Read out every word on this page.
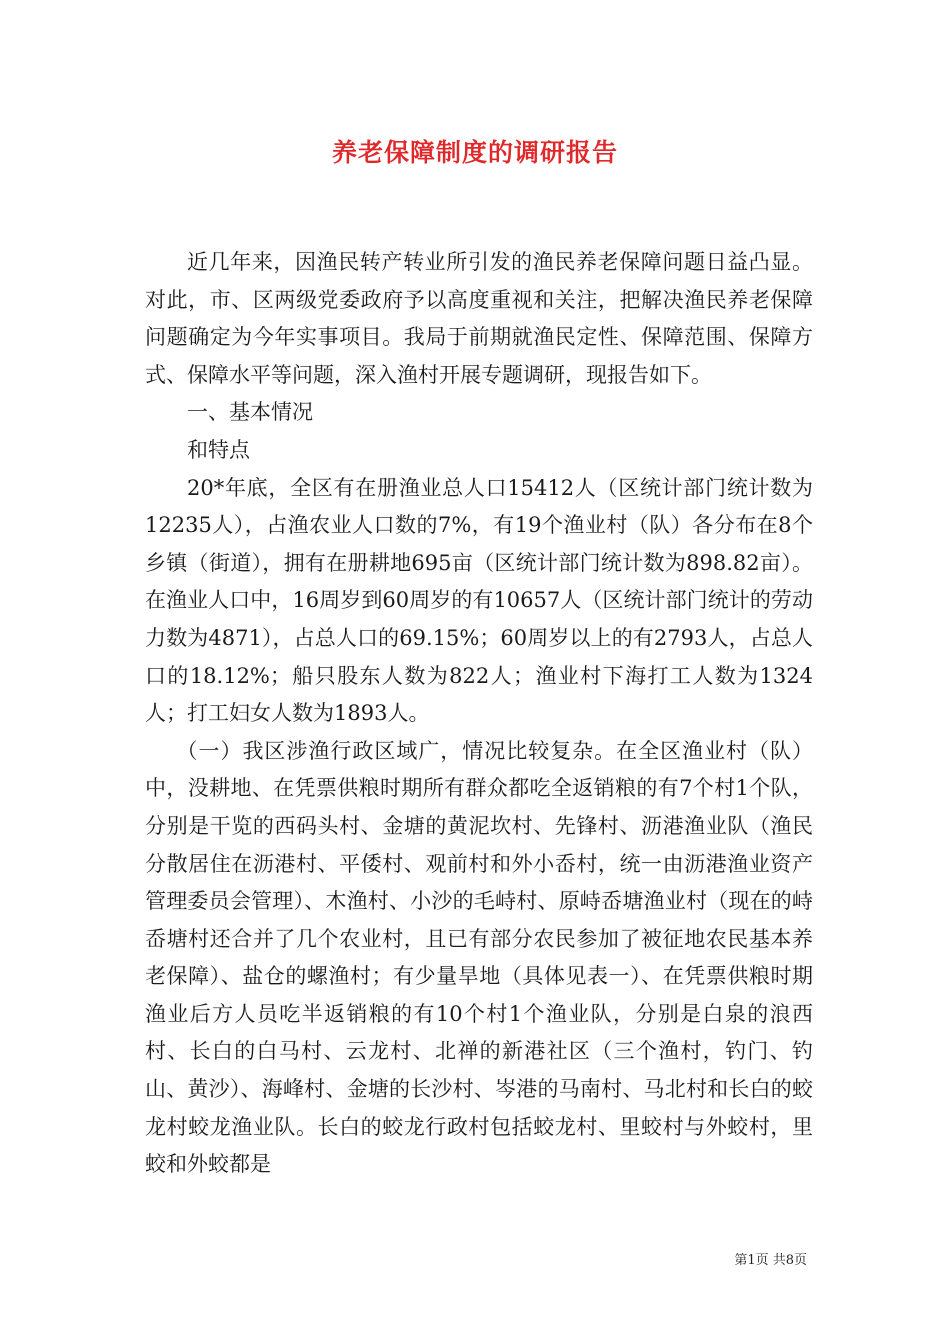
养老保障制度的调研报告

近几年来，因渔民转产转业所引发的渔民养老保障问题日益凸显。对此，市、区两级党委政府予以高度重视和关注，把解决渔民养老保障问题确定为今年实事项目。我局于前期就渔民定性、保障范围、保障方式、保障水平等问题，深入渔村开展专题调研，现报告如下。

一、基本情况

和特点

20*年底，全区有在册渔业总人口15412人（区统计部门统计数为12235人），占渔农业人口数的7%，有19个渔业村（队）各分布在8个乡镇（街道），拥有在册耕地695亩（区统计部门统计数为898.82亩）。在渔业人口中，16周岁到60周岁的有10657人（区统计部门统计的劳动力数为4871），占总人口的69.15%；60周岁以上的有2793人，占总人口的18.12%；船只股东人数为822人；渔业村下海打工人数为1324人；打工妇女人数为1893人。

（一）我区涉渔行政区域广，情况比较复杂。在全区渔业村（队）中，没耕地、在凭票供粮时期所有群众都吃全返销粮的有7个村1个队，分别是干览的西码头村、金塘的黄泥坎村、先锋村、沥港渔业队（渔民分散居住在沥港村、平倭村、观前村和外小岙村，统一由沥港渔业资产管理委员会管理）、木渔村、小沙的毛峙村、原峙岙塘渔业村（现在的峙岙塘村还合并了几个农业村，且已有部分农民参加了被征地农民基本养老保障）、盐仓的螺渔村；有少量旱地（具体见表一）、在凭票供粮时期渔业后方人员吃半返销粮的有10个村1个渔业队，分别是白泉的浪西村、长白的白马村、云龙村、北禅的新港社区（三个渔村，钓门、钓山、黄沙）、海峰村、金塘的长沙村、岑港的马南村、马北村和长白的蛟龙村蛟龙渔业队。长白的蛟龙行政村包括蛟龙村、里蛟村与外蛟村，里蛟和外蛟都是

第1页 共8页
